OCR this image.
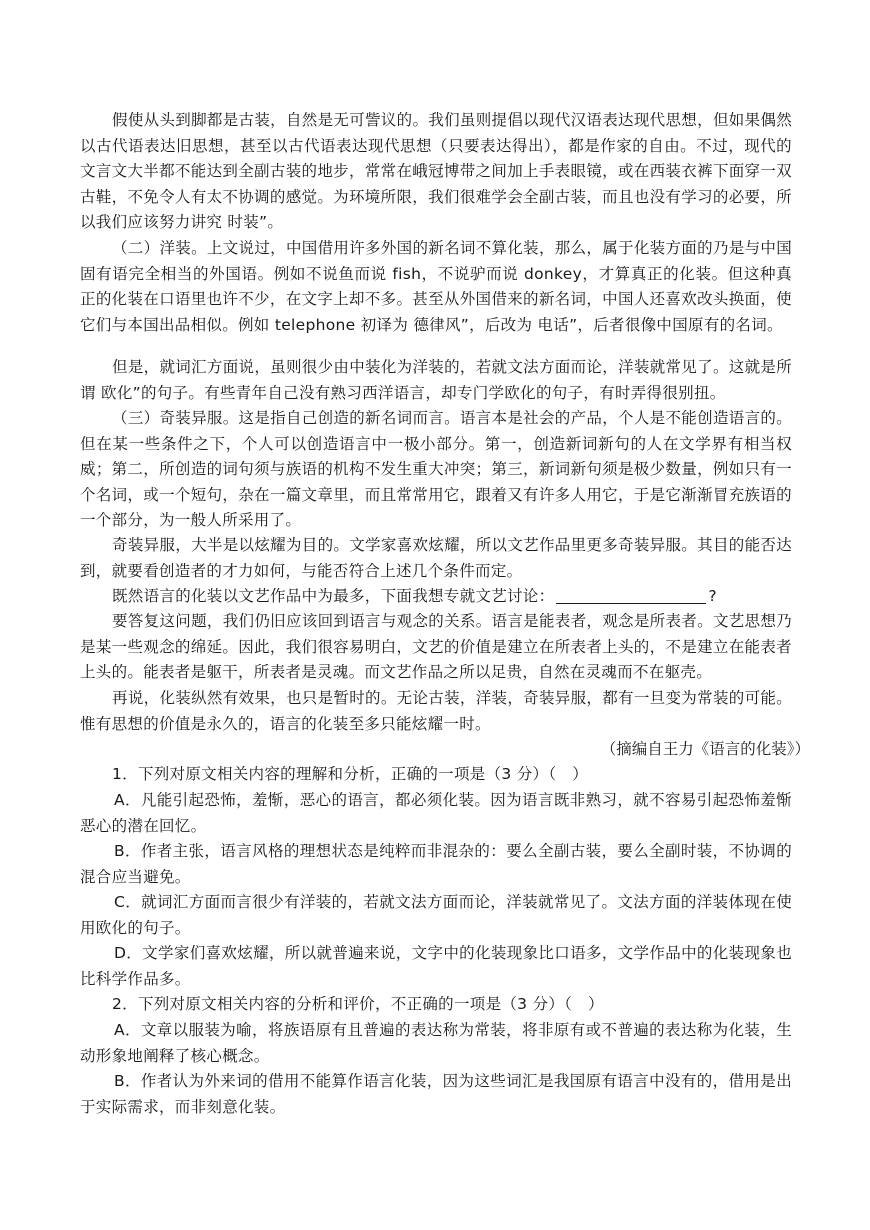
假使从头到脚都是古装，自然是无可訾议的。我们虽则提倡以现代汉语表达现代思想，但如果偶然以古代语表达旧思想，甚至以古代语表达现代思想（只要表达得出），都是作家的自由。不过，现代的文言文大半都不能达到全副古装的地步，常常在峨冠博带之间加上手表眼镜，或在西装衣裤下面穿一双古鞋，不免令人有太不协调的感觉。为环境所限，我们很难学会全副古装，而且也没有学习的必要，所以我们应该努力讲究 时装”。

（二）洋装。上文说过，中国借用许多外国的新名词不算化装，那么，属于化装方面的乃是与中国固有语完全相当的外国语。例如不说鱼而说 fish，不说驴而说 donkey，才算真正的化装。但这种真正的化装在口语里也许不少，在文字上却不多。甚至从外国借来的新名词，中国人还喜欢改头换面，使它们与本国出品相似。例如 telephone 初译为 德律风”，后改为 电话”，后者很像中国原有的名词。

但是，就词汇方面说，虽则很少由中装化为洋装的，若就文法方面而论，洋装就常见了。这就是所谓 欧化”的句子。有些青年自己没有熟习西洋语言，却专门学欧化的句子，有时弄得很别扭。

（三）奇装异服。这是指自己创造的新名词而言。语言本是社会的产品，个人是不能创造语言的。但在某一些条件之下，个人可以创造语言中一极小部分。第一，创造新词新句的人在文学界有相当权威；第二，所创造的词句须与族语的机构不发生重大冲突；第三，新词新句须是极少数量，例如只有一个名词，或一个短句，杂在一篇文章里，而且常常用它，跟着又有许多人用它，于是它渐渐冒充族语的一个部分，为一般人所采用了。

奇装异服，大半是以炫耀为目的。文学家喜欢炫耀，所以文艺作品里更多奇装异服。其目的能否达到，就要看创造者的才力如何，与能否符合上述几个条件而定。

既然语言的化装以文艺作品中为最多，下面我想专就文艺讨论：	?

要答复这问题，我们仍旧应该回到语言与观念的关系。语言是能表者，观念是所表者。文艺思想乃是某一些观念的绵延。因此，我们很容易明白，文艺的价值是建立在所表者上头的，不是建立在能表者上头的。能表者是躯干，所表者是灵魂。而文艺作品之所以足贵，自然在灵魂而不在躯壳。

再说，化装纵然有效果，也只是暂时的。无论古装，洋装，奇装异服，都有一旦变为常装的可能。惟有思想的价值是永久的，语言的化装至多只能炫耀一时。

（摘编自王力《语言的化装》）

1．下列对原文相关内容的理解和分析，正确的一项是（3 分）（　）

A．凡能引起恐怖，羞惭，恶心的语言，都必须化装。因为语言既非熟习，就不容易引起恐怖羞惭恶心的潜在回忆。

B．作者主张，语言风格的理想状态是纯粹而非混杂的：要么全副古装，要么全副时装，不协调的混合应当避免。

C．就词汇方面而言很少有洋装的，若就文法方面而论，洋装就常见了。文法方面的洋装体现在使用欧化的句子。

D．文学家们喜欢炫耀，所以就普遍来说，文字中的化装现象比口语多，文学作品中的化装现象也比科学作品多。

2．下列对原文相关内容的分析和评价，不正确的一项是（3 分）（　）

A．文章以服装为喻，将族语原有且普遍的表达称为常装，将非原有或不普遍的表达称为化装，生动形象地阐释了核心概念。

B．作者认为外来词的借用不能算作语言化装，因为这些词汇是我国原有语言中没有的，借用是出于实际需求，而非刻意化装。
